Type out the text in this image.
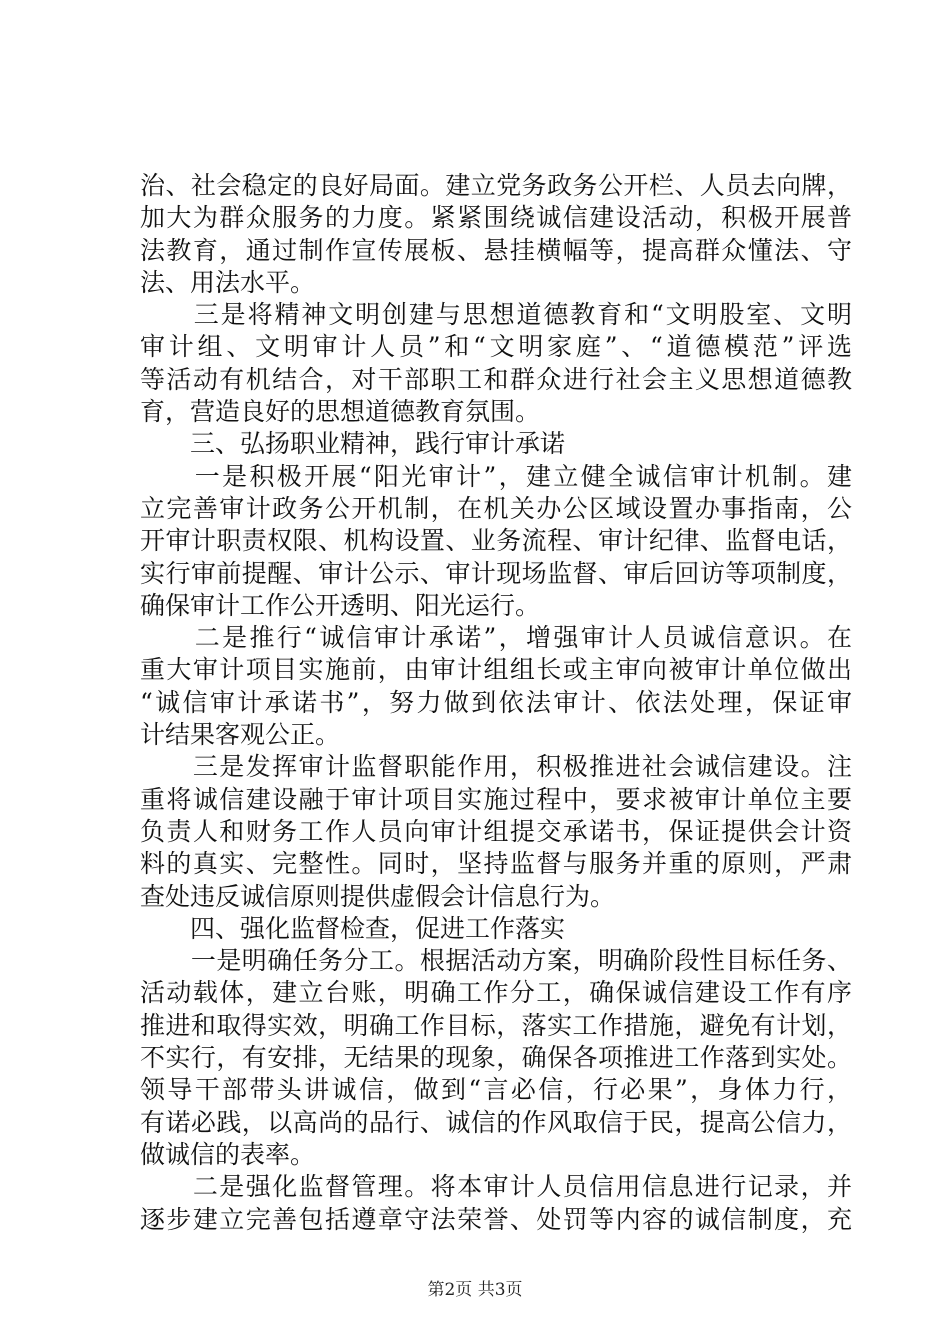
治、社会稳定的良好局面。建立党务政务公开栏、人员去向牌，
加大为群众服务的力度。紧紧围绕诚信建设活动，积极开展普
法教育，通过制作宣传展板、悬挂横幅等，提高群众懂法、守
法、用法水平。
　　三是将精神文明创建与思想道德教育和“文明股室、文明
审计组、文明审计人员”和“文明家庭”、“道德模范”评选
等活动有机结合，对干部职工和群众进行社会主义思想道德教
育，营造良好的思想道德教育氛围。
　　三、弘扬职业精神，践行审计承诺
　　一是积极开展“阳光审计”，建立健全诚信审计机制。建
立完善审计政务公开机制，在机关办公区域设置办事指南，公
开审计职责权限、机构设置、业务流程、审计纪律、监督电话，
实行审前提醒、审计公示、审计现场监督、审后回访等项制度，
确保审计工作公开透明、阳光运行。
　　二是推行“诚信审计承诺”，增强审计人员诚信意识。在
重大审计项目实施前，由审计组组长或主审向被审计单位做出
“诚信审计承诺书”，努力做到依法审计、依法处理，保证审
计结果客观公正。
　　三是发挥审计监督职能作用，积极推进社会诚信建设。注
重将诚信建设融于审计项目实施过程中，要求被审计单位主要
负责人和财务工作人员向审计组提交承诺书，保证提供会计资
料的真实、完整性。同时，坚持监督与服务并重的原则，严肃
查处违反诚信原则提供虚假会计信息行为。
　　四、强化监督检查，促进工作落实
　　一是明确任务分工。根据活动方案，明确阶段性目标任务、
活动载体，建立台账，明确工作分工，确保诚信建设工作有序
推进和取得实效，明确工作目标，落实工作措施，避免有计划，
不实行，有安排，无结果的现象，确保各项推进工作落到实处。
领导干部带头讲诚信，做到“言必信，行必果”，身体力行，
有诺必践，以高尚的品行、诚信的作风取信于民，提高公信力，
做诚信的表率。
　　二是强化监督管理。将本审计人员信用信息进行记录，并
逐步建立完善包括遵章守法荣誉、处罚等内容的诚信制度，充
第2页 共3页
